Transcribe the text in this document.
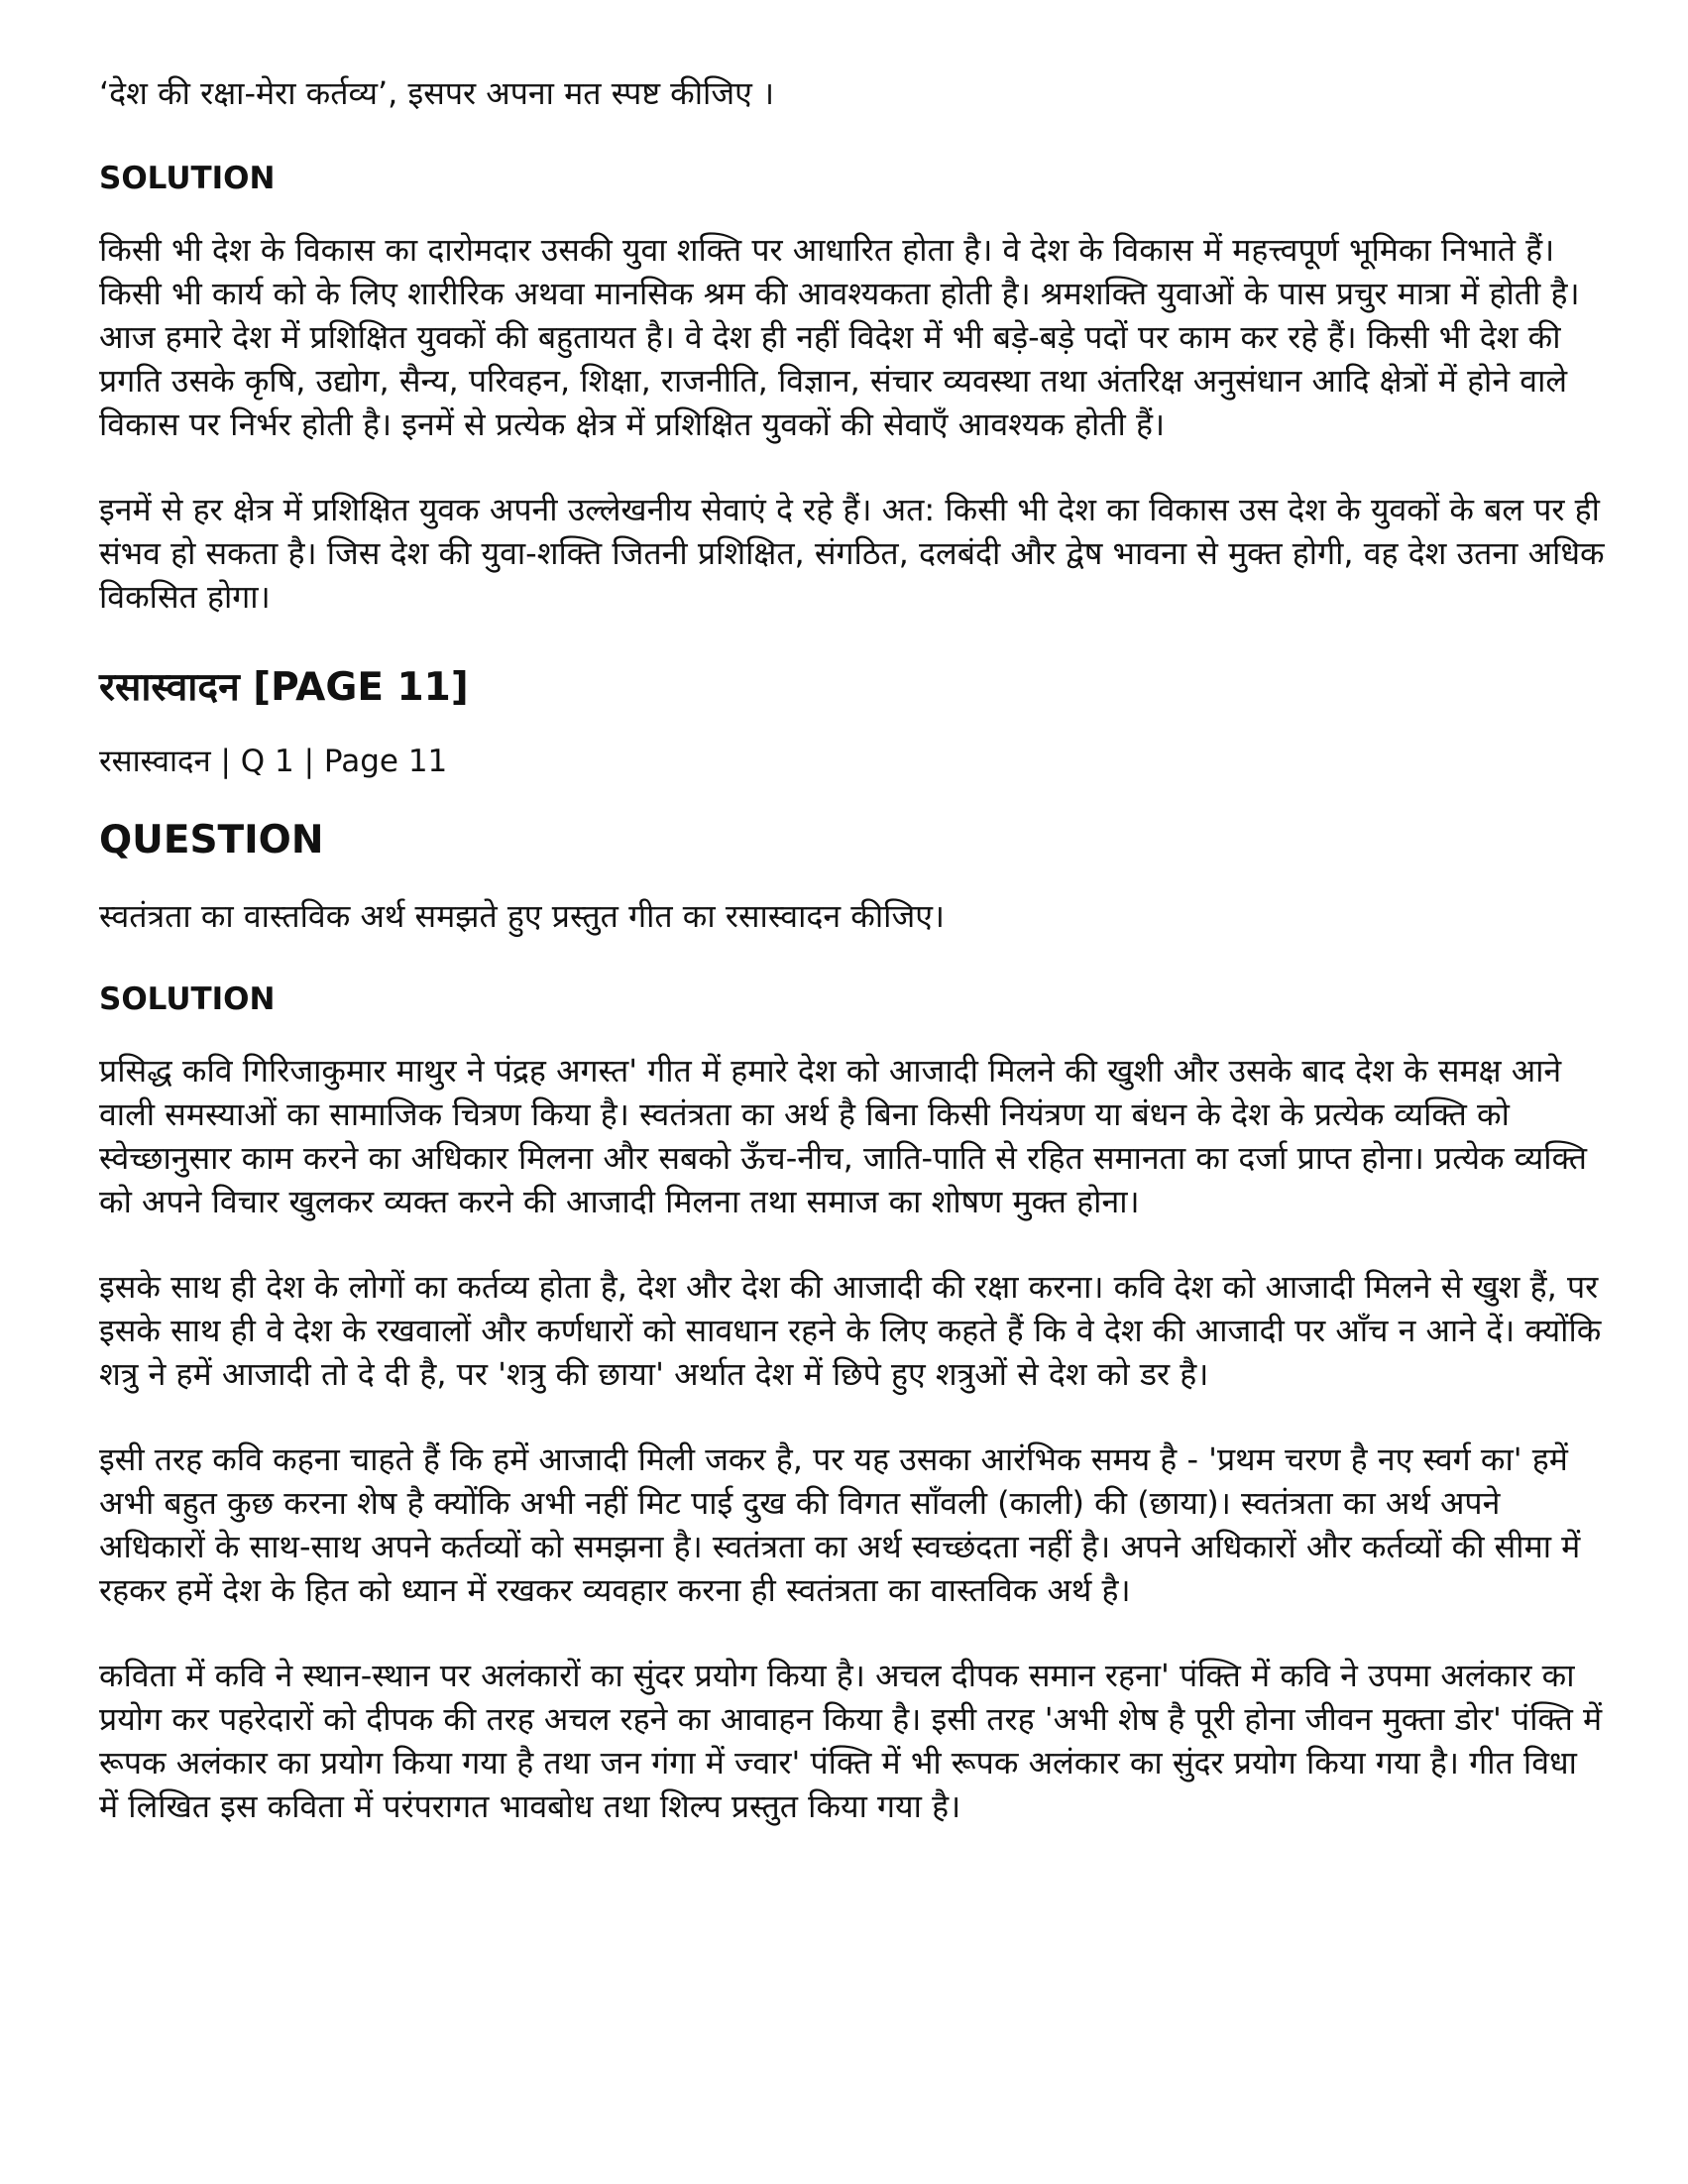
‘देश की रक्षा-मेरा कर्तव्य’, इसपर अपना मत स्पष्ट कीजिए ।

SOLUTION

किसी भी देश के विकास का दारोमदार उसकी युवा शक्ति पर आधारित होता है। वे देश के विकास में महत्त्वपूर्ण भूमिका निभाते हैं। किसी भी कार्य को के लिए शारीरिक अथवा मानसिक श्रम की आवश्यकता होती है। श्रमशक्ति युवाओं के पास प्रचुर मात्रा में होती है। आज हमारे देश में प्रशिक्षित युवकों की बहुतायत है। वे देश ही नहीं विदेश में भी बड़े-बड़े पदों पर काम कर रहे हैं। किसी भी देश की प्रगति उसके कृषि, उद्योग, सैन्य, परिवहन, शिक्षा, राजनीति, विज्ञान, संचार व्यवस्था तथा अंतरिक्ष अनुसंधान आदि क्षेत्रों में होने वाले विकास पर निर्भर होती है। इनमें से प्रत्येक क्षेत्र में प्रशिक्षित युवकों की सेवाएँ आवश्यक होती हैं।

इनमें से हर क्षेत्र में प्रशिक्षित युवक अपनी उल्लेखनीय सेवाएं दे रहे हैं। अत: किसी भी देश का विकास उस देश के युवकों के बल पर ही संभव हो सकता है। जिस देश की युवा-शक्ति जितनी प्रशिक्षित, संगठित, दलबंदी और द्वेष भावना से मुक्त होगी, वह देश उतना अधिक विकसित होगा।

रसास्वादन [PAGE 11]
रसास्वादन | Q 1 | Page 11
QUESTION

स्वतंत्रता का वास्तविक अर्थ समझते हुए प्रस्तुत गीत का रसास्वादन कीजिए।

SOLUTION

प्रसिद्ध कवि गिरिजाकुमार माथुर ने पंद्रह अगस्त' गीत में हमारे देश को आजादी मिलने की खुशी और उसके बाद देश के समक्ष आने वाली समस्याओं का सामाजिक चित्रण किया है। स्वतंत्रता का अर्थ है बिना किसी नियंत्रण या बंधन के देश के प्रत्येक व्यक्ति को स्वेच्छानुसार काम करने का अधिकार मिलना और सबको ऊँच-नीच, जाति-पाति से रहित समानता का दर्जा प्राप्त होना। प्रत्येक व्यक्ति को अपने विचार खुलकर व्यक्त करने की आजादी मिलना तथा समाज का शोषण मुक्त होना।

इसके साथ ही देश के लोगों का कर्तव्य होता है, देश और देश की आजादी की रक्षा करना। कवि देश को आजादी मिलने से खुश हैं, पर इसके साथ ही वे देश के रखवालों और कर्णधारों को सावधान रहने के लिए कहते हैं कि वे देश की आजादी पर आँच न आने दें। क्योंकि शत्रु ने हमें आजादी तो दे दी है, पर 'शत्रु की छाया' अर्थात देश में छिपे हुए शत्रुओं से देश को डर है।

इसी तरह कवि कहना चाहते हैं कि हमें आजादी मिली जकर है, पर यह उसका आरंभिक समय है - 'प्रथम चरण है नए स्वर्ग का' हमें अभी बहुत कुछ करना शेष है क्योंकि अभी नहीं मिट पाई दुख की विगत साँवली (काली) की (छाया)। स्वतंत्रता का अर्थ अपने अधिकारों के साथ-साथ अपने कर्तव्यों को समझना है। स्वतंत्रता का अर्थ स्वच्छंदता नहीं है। अपने अधिकारों और कर्तव्यों की सीमा में रहकर हमें देश के हित को ध्यान में रखकर व्यवहार करना ही स्वतंत्रता का वास्तविक अर्थ है।

कविता में कवि ने स्थान-स्थान पर अलंकारों का सुंदर प्रयोग किया है। अचल दीपक समान रहना' पंक्ति में कवि ने उपमा अलंकार का प्रयोग कर पहरेदारों को दीपक की तरह अचल रहने का आवाहन किया है। इसी तरह 'अभी शेष है पूरी होना जीवन मुक्ता डोर' पंक्ति में रूपक अलंकार का प्रयोग किया गया है तथा जन गंगा में ज्वार' पंक्ति में भी रूपक अलंकार का सुंदर प्रयोग किया गया है। गीत विधा में लिखित इस कविता में परंपरागत भावबोध तथा शिल्प प्रस्तुत किया गया है।
